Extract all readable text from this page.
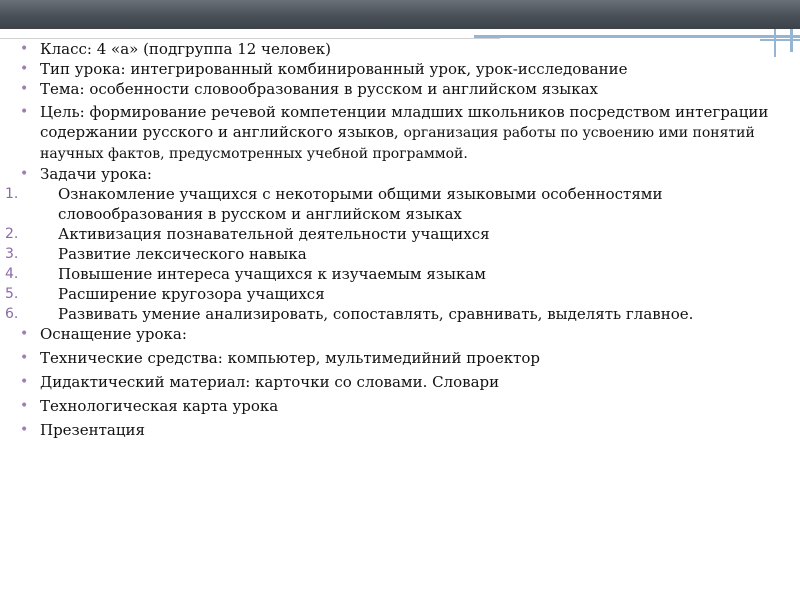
• Класс: 4 «а» (подгруппа 12 человек)

• Тип урока: интегрированный комбинированный урок, урок-исследование

• Тема: особенности словообразования в русском и английском языках

• Цель: формирование речевой компетенции младших школьников посредством интеграции содержании русского и английского языков, организация работы по усвоению ими понятий научных фактов, предусмотренных учебной программой.

• Задачи урока:

1.	Ознакомление учащихся с некоторыми общими языковыми особенностями словообразования в русском и английском языках

2.	Активизация познавательной деятельности учащихся

3.	Развитие лексического навыка

4.	Повышение интереса учащихся к изучаемым языкам

5.	Расширение кругозора учащихся

6.	Развивать умение анализировать, сопоставлять, сравнивать, выделять главное.

• Оснащение урока:

• Технические средства: компьютер, мультимедийний проектор

• Дидактический материал: карточки со словами. Словари

• Технологическая карта урока

• Презентация
